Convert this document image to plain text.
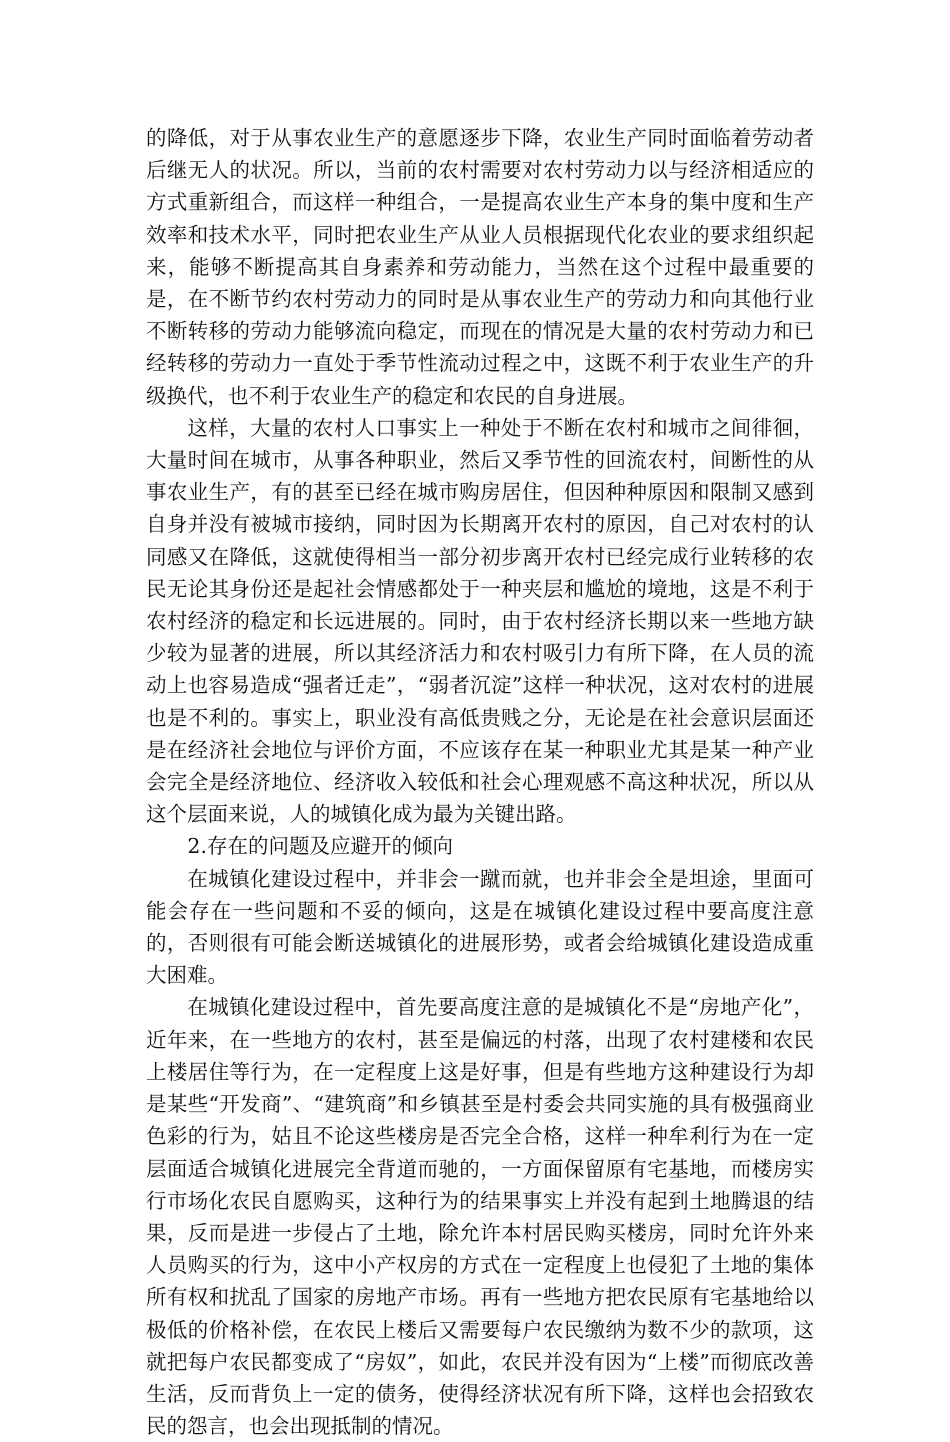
的降低，对于从事农业生产的意愿逐步下降，农业生产同时面临着劳动者后继无人的状况。所以，当前的农村需要对农村劳动力以与经济相适应的方式重新组合，而这样一种组合，一是提高农业生产本身的集中度和生产效率和技术水平，同时把农业生产从业人员根据现代化农业的要求组织起来，能够不断提高其自身素养和劳动能力，当然在这个过程中最重要的是，在不断节约农村劳动力的同时是从事农业生产的劳动力和向其他行业不断转移的劳动力能够流向稳定，而现在的情况是大量的农村劳动力和已经转移的劳动力一直处于季节性流动过程之中，这既不利于农业生产的升级换代，也不利于农业生产的稳定和农民的自身进展。

这样，大量的农村人口事实上一种处于不断在农村和城市之间徘徊，大量时间在城市，从事各种职业，然后又季节性的回流农村，间断性的从事农业生产，有的甚至已经在城市购房居住，但因种种原因和限制又感到自身并没有被城市接纳，同时因为长期离开农村的原因，自己对农村的认同感又在降低，这就使得相当一部分初步离开农村已经完成行业转移的农民无论其身份还是起社会情感都处于一种夹层和尴尬的境地，这是不利于农村经济的稳定和长远进展的。同时，由于农村经济长期以来一些地方缺少较为显著的进展，所以其经济活力和农村吸引力有所下降，在人员的流动上也容易造成“强者迁走”，“弱者沉淀”这样一种状况，这对农村的进展也是不利的。事实上，职业没有高低贵贱之分，无论是在社会意识层面还是在经济社会地位与评价方面，不应该存在某一种职业尤其是某一种产业会完全是经济地位、经济收入较低和社会心理观感不高这种状况，所以从这个层面来说，人的城镇化成为最为关键出路。

2.存在的问题及应避开的倾向

在城镇化建设过程中，并非会一蹴而就，也并非会全是坦途，里面可能会存在一些问题和不妥的倾向，这是在城镇化建设过程中要高度注意的，否则很有可能会断送城镇化的进展形势，或者会给城镇化建设造成重大困难。

在城镇化建设过程中，首先要高度注意的是城镇化不是“房地产化”，近年来，在一些地方的农村，甚至是偏远的村落，出现了农村建楼和农民上楼居住等行为，在一定程度上这是好事，但是有些地方这种建设行为却是某些“开发商”、“建筑商”和乡镇甚至是村委会共同实施的具有极强商业色彩的行为，姑且不论这些楼房是否完全合格，这样一种牟利行为在一定层面适合城镇化进展完全背道而驰的，一方面保留原有宅基地，而楼房实行市场化农民自愿购买，这种行为的结果事实上并没有起到土地腾退的结果，反而是进一步侵占了土地，除允许本村居民购买楼房，同时允许外来人员购买的行为，这中小产权房的方式在一定程度上也侵犯了土地的集体所有权和扰乱了国家的房地产市场。再有一些地方把农民原有宅基地给以极低的价格补偿，在农民上楼后又需要每户农民缴纳为数不少的款项，这就把每户农民都变成了“房奴”，如此，农民并没有因为“上楼”而彻底改善生活，反而背负上一定的债务，使得经济状况有所下降，这样也会招致农民的怨言，也会出现抵制的情况。
